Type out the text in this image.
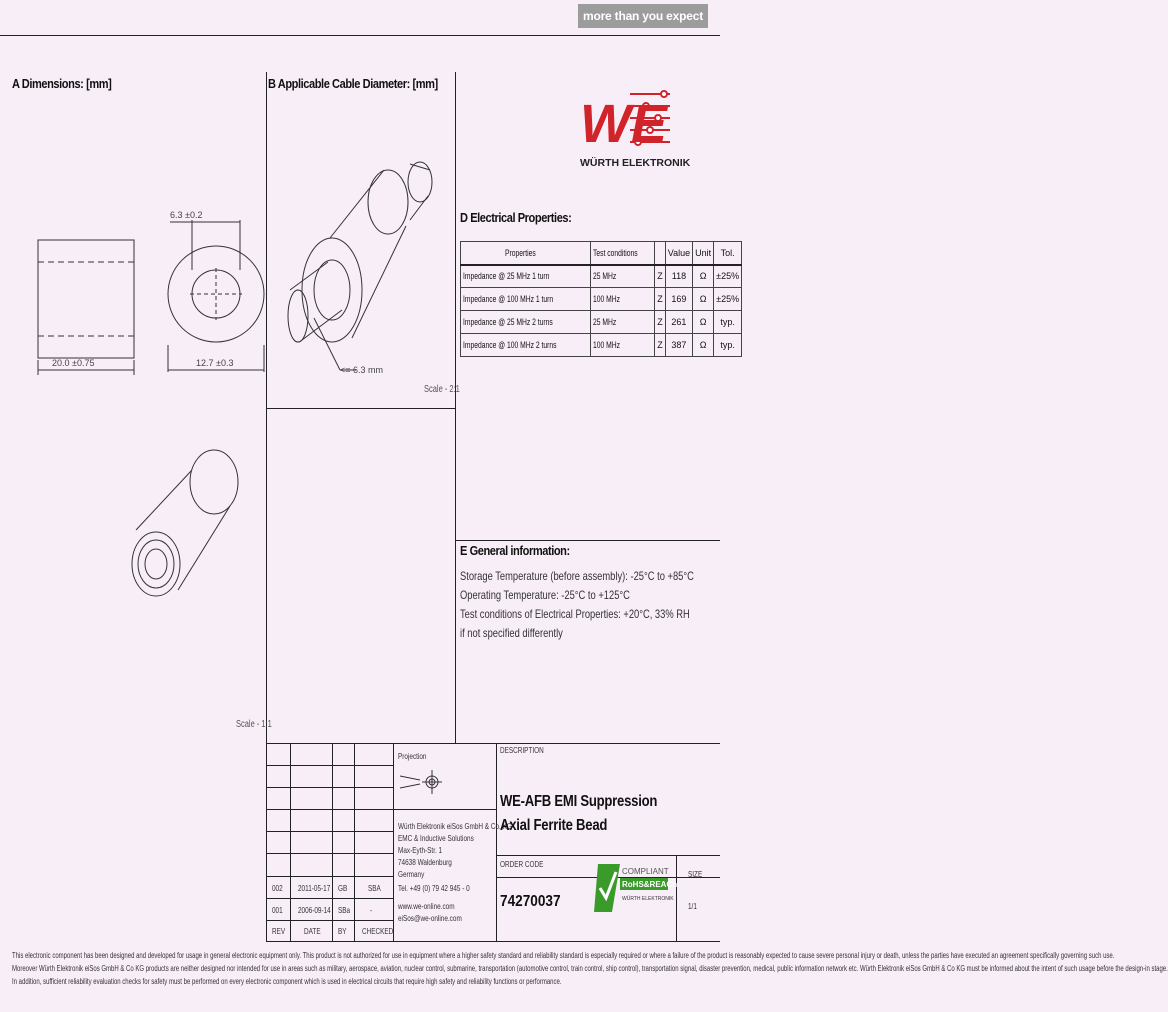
more than you expect
A Dimensions: [mm]	B Applicable Cable Diameter: [mm]
D Electrical Properties:
E General information:
WE
WÜRTH ELEKTRONIK
20.0 ±0.75	12.7 ±0.3
6.3 ±0.2
<= 6.3 mm
Scale - 2:1
Scale - 1:1
Properties	Test conditions		Value	Unit	Tol.
Impedance @ 25 MHz 1 turn	25 MHz	Z	118	Ω	±25%
Impedance @ 100 MHz 1 turn	100 MHz	Z	169	Ω	±25%
Impedance @ 25 MHz 2 turns	25 MHz	Z	261	Ω	typ.
Impedance @ 100 MHz 2 turns	100 MHz	Z	387	Ω	typ.
Storage Temperature (before assembly): -25°C to +85°C
Operating Temperature: -25°C to +125°C
Test conditions of Electrical Properties: +20°C, 33% RH
if not specified differently
Projection
Würth Elektronik eiSos GmbH & Co. KG
EMC & Inductive Solutions
Max-Eyth-Str. 1
74638 Waldenburg
Germany
Tel. +49 (0) 79 42 945 - 0
www.we-online.com
eiSos@we-online.com
002 2011-05-17 GB	SBA
001 2006-09-14 SBa -
REV DATE BY CHECKED
DESCRIPTION
WE-AFB EMI Suppression Axial Ferrite Bead
ORDER CODE
74270037
SIZE
1/1
COMPLIANT
RoHS&REACh
WÜRTH ELEKTRONIK
This electronic component has been designed and developed for usage in general electronic equipment only. This product is not authorized for use in equipment where a higher safety standard and reliability standard is especially required or where a failure of the product is reasonably expected to cause severe personal injury or death, unless the parties have executed an agreement specifically governing such use.
Moreover Würth Elektronik eiSos GmbH & Co KG products are neither designed nor intended for use in areas such as military, aerospace, aviation, nuclear control, submarine, transportation (automotive control, train control, ship control), transportation signal, disaster prevention, medical, public information network etc. Würth Elektronik eiSos GmbH & Co KG must be informed about the intent of such usage before the design-in stage.
In addition, sufficient reliability evaluation checks for safety must be performed on every electronic component which is used in electrical circuits that require high safety and reliability functions or performance.
